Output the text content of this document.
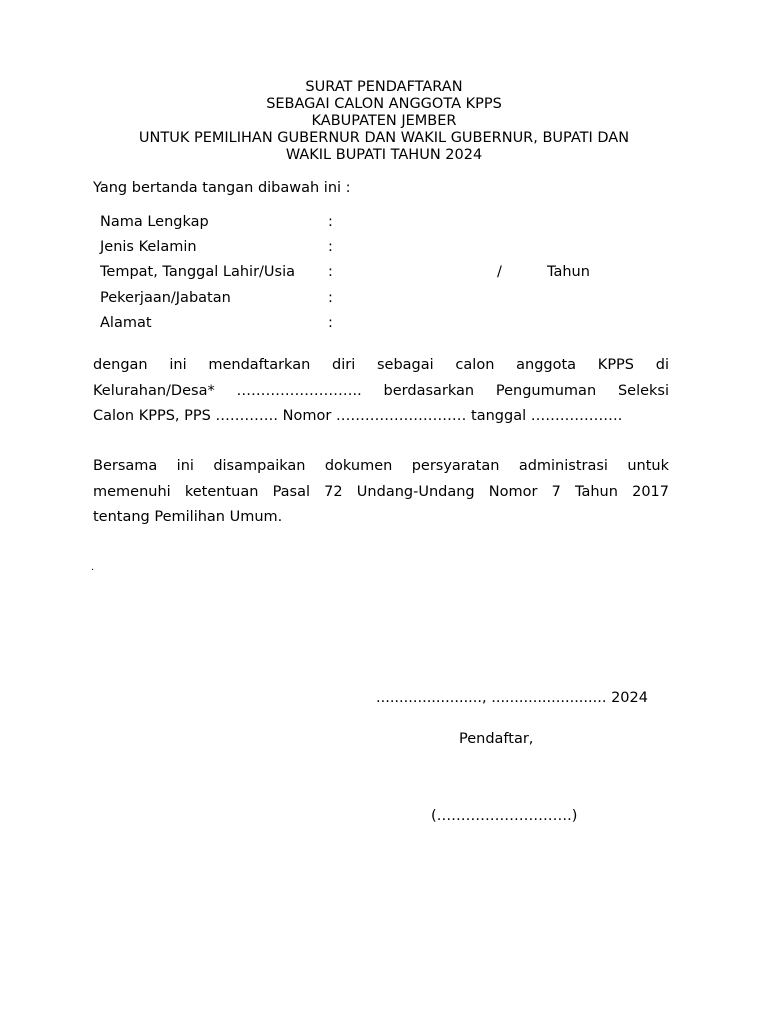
SURAT PENDAFTARAN
SEBAGAI CALON ANGGOTA KPPS
KABUPATEN JEMBER
UNTUK PEMILIHAN GUBERNUR DAN WAKIL GUBERNUR, BUPATI DAN
WAKIL BUPATI TAHUN 2024
Yang bertanda tangan dibawah ini :
Nama Lengkap	:
Jenis Kelamin	:
Tempat, Tanggal Lahir/Usia :	/	Tahun
Pekerjaan/Jabatan	:
Alamat	:
dengan ini mendaftarkan diri sebagai calon anggota KPPS di
Kelurahan/Desa* …………………….. berdasarkan Pengumuman Seleksi
Calon KPPS, PPS …………. Nomor ……………………… tanggal ……………….
Bersama ini disampaikan dokumen persyaratan administrasi untuk
memenuhi ketentuan Pasal 72 Undang-Undang Nomor 7 Tahun 2017
tentang Pemilihan Umum.
.
......................., ......................... 2024
Pendaftar,
(……………………….)
